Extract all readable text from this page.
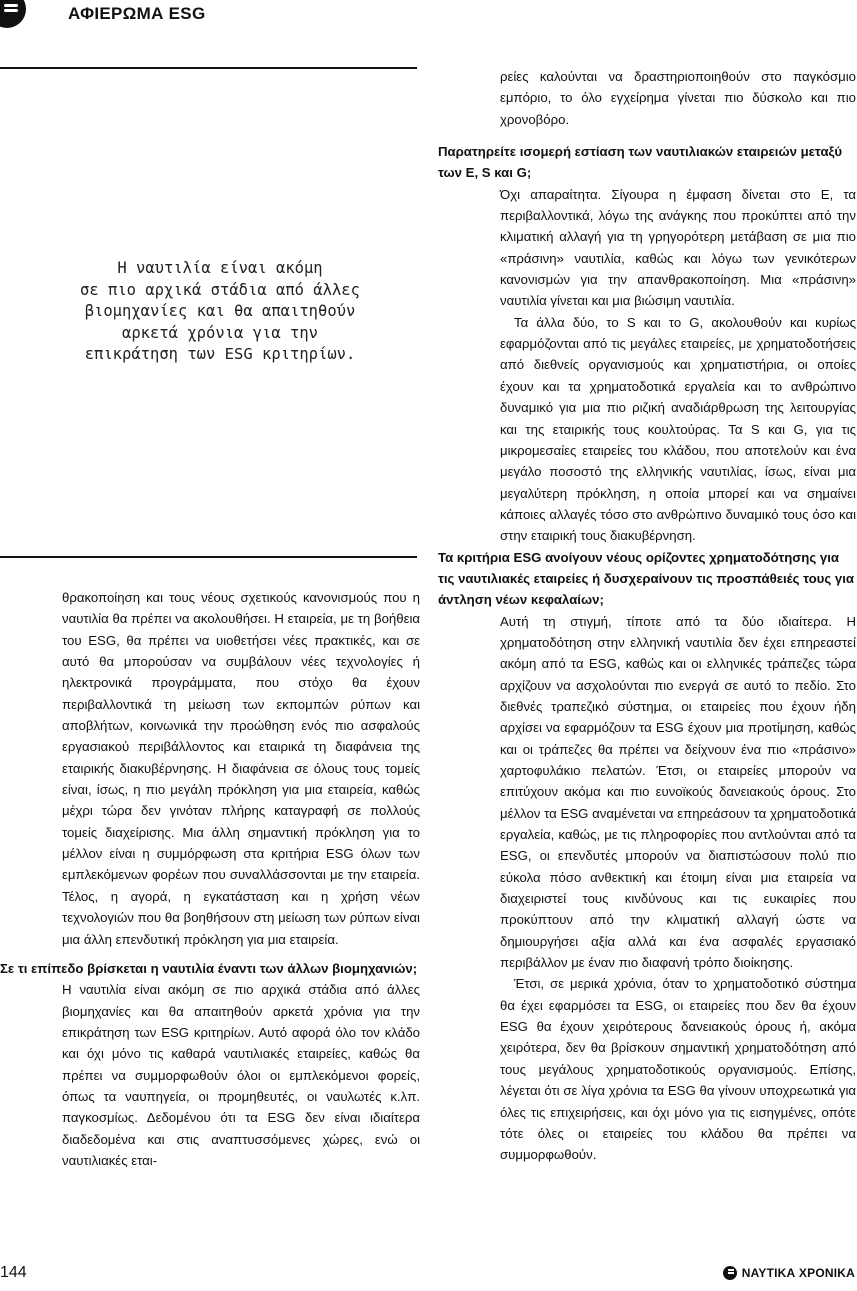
ΑΦΙΕΡΩΜΑ ESG
Η ναυτιλία είναι ακόμη
σε πιο αρχικά στάδια από άλλες
βιομηχανίες και θα απαιτηθούν
αρκετά χρόνια για την
επικράτηση των ESG κριτηρίων.

θρακοποίηση και τους νέους σχετικούς κανονισμούς που η ναυτιλία θα πρέπει να ακολουθήσει. Η εταιρεία, με τη βοήθεια του ESG, θα πρέπει να υιοθετήσει νέες πρακτικές, και σε αυτό θα μπορούσαν να συμβάλουν νέες τεχνολογίες ή ηλεκτρονικά προγράμματα, που στόχο θα έχουν περιβαλλοντικά τη μείωση των εκπομπών ρύπων και αποβλήτων, κοινωνικά την προώθηση ενός πιο ασφαλούς εργασιακού περιβάλλοντος και εταιρικά τη διαφάνεια της εταιρικής διακυβέρνησης. Η διαφάνεια σε όλους τους τομείς είναι, ίσως, η πιο μεγάλη πρόκληση για μια εταιρεία, καθώς μέχρι τώρα δεν γινόταν πλήρης καταγραφή σε πολλούς τομείς διαχείρισης. Μια άλλη σημαντική πρόκληση για το μέλλον είναι η συμμόρφωση στα κριτήρια ESG όλων των εμπλεκόμενων φορέων που συναλλάσσονται με την εταιρεία. Τέλος, η αγορά, η εγκατάσταση και η χρήση νέων τεχνολογιών που θα βοηθήσουν στη μείωση των ρύπων είναι μια άλλη επενδυτική πρόκληση για μια εταιρεία.

Σε τι επίπεδο βρίσκεται η ναυτιλία έναντι των άλλων βιομηχανιών;

Η ναυτιλία είναι ακόμη σε πιο αρχικά στάδια από άλλες βιομηχανίες και θα απαιτηθούν αρκετά χρόνια για την επικράτηση των ESG κριτηρίων. Αυτό αφορά όλο τον κλάδο και όχι μόνο τις καθαρά ναυτιλιακές εταιρείες, καθώς θα πρέπει να συμμορφωθούν όλοι οι εμπλεκόμενοι φορείς, όπως τα ναυπηγεία, οι προμηθευτές, οι ναυλωτές κ.λπ. παγκοσμίως. Δεδομένου ότι τα ESG δεν είναι ιδιαίτερα διαδεδομένα και στις αναπτυσσόμενες χώρες, ενώ οι ναυτιλιακές εται-

ρείες καλούνται να δραστηριοποιηθούν στο παγκόσμιο εμπόριο, το όλο εγχείρημα γίνεται πιο δύσκολο και πιο χρονοβόρο.

Παρατηρείτε ισομερή εστίαση των ναυτιλιακών εταιρειών μεταξύ των E, S και G;

Όχι απαραίτητα. Σίγουρα η έμφαση δίνεται στο E, τα περιβαλλοντικά, λόγω της ανάγκης που προκύπτει από την κλιματική αλλαγή για τη γρηγορότερη μετάβαση σε μια πιο «πράσινη» ναυτιλία, καθώς και λόγω των γενικότερων κανονισμών για την απανθρακοποίηση. Μια «πράσινη» ναυτιλία γίνεται και μια βιώσιμη ναυτιλία.

Τα άλλα δύο, το S και το G, ακολουθούν και κυρίως εφαρμόζονται από τις μεγάλες εταιρείες, με χρηματοδοτήσεις από διεθνείς οργανισμούς και χρηματιστήρια, οι οποίες έχουν και τα χρηματοδοτικά εργαλεία και το ανθρώπινο δυναμικό για μια πιο ριζική αναδιάρθρωση της λειτουργίας και της εταιρικής τους κουλτούρας. Τα S και G, για τις μικρομεσαίες εταιρείες του κλάδου, που αποτελούν και ένα μεγάλο ποσοστό της ελληνικής ναυτιλίας, ίσως, είναι μια μεγαλύτερη πρόκληση, η οποία μπορεί και να σημαίνει κάποιες αλλαγές τόσο στο ανθρώπινο δυναμικό τους όσο και στην εταιρική τους διακυβέρνηση.

Τα κριτήρια ESG ανοίγουν νέους ορίζοντες χρηματοδότησης για τις ναυτιλιακές εταιρείες ή δυσχεραίνουν τις προσπάθειές τους για άντληση νέων κεφαλαίων;

Αυτή τη στιγμή, τίποτε από τα δύο ιδιαίτερα. Η χρηματοδότηση στην ελληνική ναυτιλία δεν έχει επηρεαστεί ακόμη από τα ESG, καθώς και οι ελληνικές τράπεζες τώρα αρχίζουν να ασχολούνται πιο ενεργά σε αυτό το πεδίο. Στο διεθνές τραπεζικό σύστημα, οι εταιρείες που έχουν ήδη αρχίσει να εφαρμόζουν τα ESG έχουν μια προτίμηση, καθώς και οι τράπεζες θα πρέπει να δείχνουν ένα πιο «πράσινο» χαρτοφυλάκιο πελατών. Έτσι, οι εταιρείες μπορούν να επιτύχουν ακόμα και πιο ευνοϊκούς δανειακούς όρους. Στο μέλλον τα ESG αναμένεται να επηρεάσουν τα χρηματοδοτικά εργαλεία, καθώς, με τις πληροφορίες που αντλούνται από τα ESG, οι επενδυτές μπορούν να διαπιστώσουν πολύ πιο εύκολα πόσο ανθεκτική και έτοιμη είναι μια εταιρεία να διαχειριστεί τους κινδύνους και τις ευκαιρίες που προκύπτουν από την κλιματική αλλαγή ώστε να δημιουργήσει αξία αλλά και ένα ασφαλές εργασιακό περιβάλλον με έναν πιο διαφανή τρόπο διοίκησης.

Έτσι, σε μερικά χρόνια, όταν το χρηματοδοτικό σύστημα θα έχει εφαρμόσει τα ESG, οι εταιρείες που δεν θα έχουν ESG θα έχουν χειρότερους δανειακούς όρους ή, ακόμα χειρότερα, δεν θα βρίσκουν σημαντική χρηματοδότηση από τους μεγάλους χρηματοδοτικούς οργανισμούς. Επίσης, λέγεται ότι σε λίγα χρόνια τα ESG θα γίνουν υποχρεωτικά για όλες τις επιχειρήσεις, και όχι μόνο για τις εισηγμένες, οπότε τότε όλες οι εταιρείες του κλάδου θα πρέπει να συμμορφωθούν.

144	ΝΑΥΤΙΚΑ ΧΡΟΝΙΚΑ
